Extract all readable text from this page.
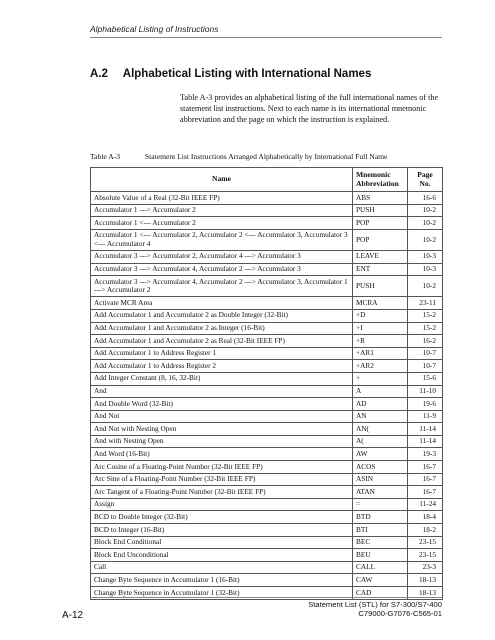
Alphabetical Listing of Instructions
A.2 Alphabetical Listing with International Names
Table A-3 provides an alphabetical listing of the full international names of the statement list instructions. Next to each name is its international mnemonic abbreviation and the page on which the instruction is explained.
Table A-3	Statement List Instructions Arranged Alphabetically by International Full Name
Name	Mnemonic Abbreviation	Page No.
Absolute Value of a Real (32-Bit IEEE FP)	ABS	16-6
Accumulator 1 ---> Accumulator 2	PUSH	10-2
Accumulator 1 <--- Accumulator 2	POP	10-2
Accumulator 1 <--- Accumulator 2, Accumulator 2 <--- Accumulator 3, Accumulator 3 <--- Accumulator 4	POP	10-2
Accumulator 3 ---> Accumulator 2, Accumulator 4 ---> Accumulator 3	LEAVE	10-3
Accumulator 3 ---> Accumulator 4, Accumulator 2 ---> Accumulator 3	ENT	10-3
Accumulator 3 ---> Accumulator 4, Accumulator 2 ---> Accumulator 3, Accumulator 1 ---> Accumulator 2	PUSH	10-2
Activate MCR Area	MCRA	23-11
Add Accumulator 1 and Accumulator 2 as Double Integer (32-Bit)	+D	15-2
Add Accumulator 1 and Accumulator 2 as Integer (16-Bit)	+I	15-2
Add Accumulator 1 and Accumulator 2 as Real (32-Bit IEEE FP)	+R	16-2
Add Accumulator 1 to Address Register 1	+AR1	10-7
Add Accumulator 1 to Address Register 2	+AR2	10-7
Add Integer Constant (8, 16, 32-Bit)	+	15-6
And	A	11-10
And Double Word (32-Bit)	AD	19-6
And Not	AN	11-9
And Not with Nesting Open	AN(	11-14
And with Nesting Open	A(	11-14
And Word (16-Bit)	AW	19-3
Arc Cosine of a Floating-Point Number (32-Bit IEEE FP)	ACOS	16-7
Arc Sine of a Floating-Point Number (32-Bit IEEE FP)	ASIN	16-7
Arc Tangent of a Floating-Point Number (32-Bit IEEE FP)	ATAN	16-7
Assign	=	11-24
BCD to Double Integer (32-Bit)	BTD	18-4
BCD to Integer (16-Bit)	BTI	18-2
Block End Conditional	BEC	23-15
Block End Unconditional	BEU	23-15
Call	CALL	23-3
Change Byte Sequence in Accumulator 1 (16-Bit)	CAW	18-13
Change Byte Sequence in Accumulator 1 (32-Bit)	CAD	18-13
Statement List (STL) for S7-300/S7-400
C79000-G7076-C565-01
A-12
